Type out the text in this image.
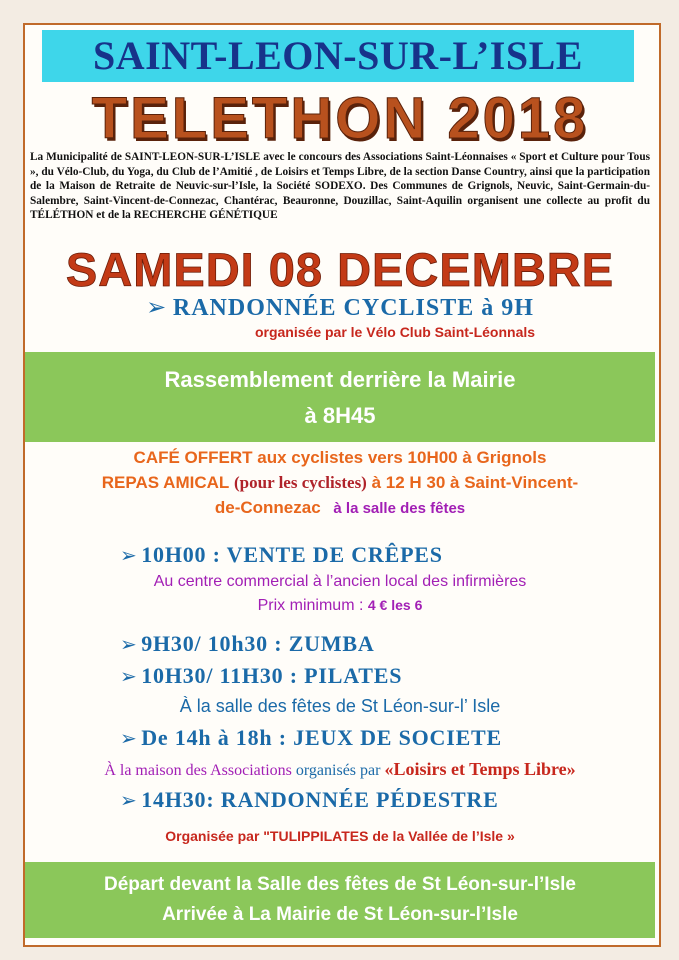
SAINT-LEON-SUR-L’ISLE
TELETHON 2018
La Municipalité de SAINT-LEON-SUR-L’ISLE avec le concours des Associations Saint-Léonnaises « Sport et Culture pour Tous », du Vélo-Club, du Yoga, du Club de l’Amitié , de Loisirs et Temps Libre, de la section Danse Country, ainsi que la participation de la Maison de Retraite de Neuvic-sur-l’Isle, la Société SODEXO. Des Communes de Grignols, Neuvic, Saint-Germain-du-Salembre, Saint-Vincent-de-Connezac, Chantérac, Beauronne, Douzillac, Saint-Aquilin organisent une collecte au profit du TÉLÉTHON et de la RECHERCHE GÉNÉTIQUE
SAMEDI 08 DECEMBRE
➢ RANDONNÉE CYCLISTE à 9H
organisée par le Vélo Club Saint-Léonnals
Rassemblement derrière la Mairie
à 8H45
CAFÉ OFFERT aux cyclistes vers 10H00 à Grignols
REPAS AMICAL (pour les cyclistes) à 12 H 30 à Saint-Vincent-
de-Connezac à la salle des fêtes
➢ 10H00 : VENTE DE CRÊPES
Au centre commercial à l’ancien local des infirmières
Prix minimum : 4 € les 6
➢ 9H30/ 10h30 : ZUMBA
➢ 10H30/ 11H30 : PILATES
À la salle des fêtes de St Léon-sur-l’ Isle
➢ De 14h à 18h : JEUX DE SOCIETE
À la maison des Associations organisés par «Loisirs et Temps Libre»
➢ 14H30: RANDONNÉE PÉDESTRE
Organisée par "TULIPPILATES de la Vallée de l’Isle »
Départ devant la Salle des fêtes de St Léon-sur-l’Isle
Arrivée à La Mairie de St Léon-sur-l’Isle
